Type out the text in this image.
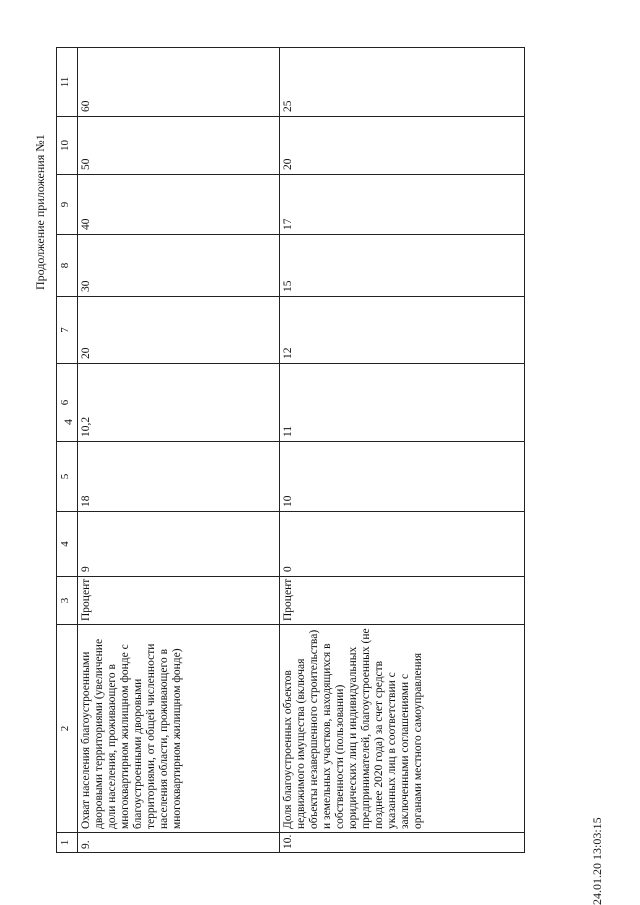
Продолжение приложения №1
4
1	2	3	4	5	6	7	8	9	10	11
9.	Охват населения благоустроенными дворовыми территориями (увеличение доли населения, проживающего в многоквартирном жилищном фонде с благоустроенными дворовыми территориями, от общей численности населения области, проживающего в многоквартирном жилищном фонде)	Процент	9	18	10,2	20	30	40	50	60
10.	Доля благоустроенных объектов недвижимого имущества (включая объекты незавершенного строительства) и земельных участков, находящихся в собственности (пользовании) юридических лиц и индивидуальных предпринимателей, благоустроенных (не позднее 2020 года) за счет средств указанных лиц в соответствии с заключенными соглашениями с органами местного самоуправления	Процент	0	10	11	12	15	17	20	25
24.01.20 13:03:15
